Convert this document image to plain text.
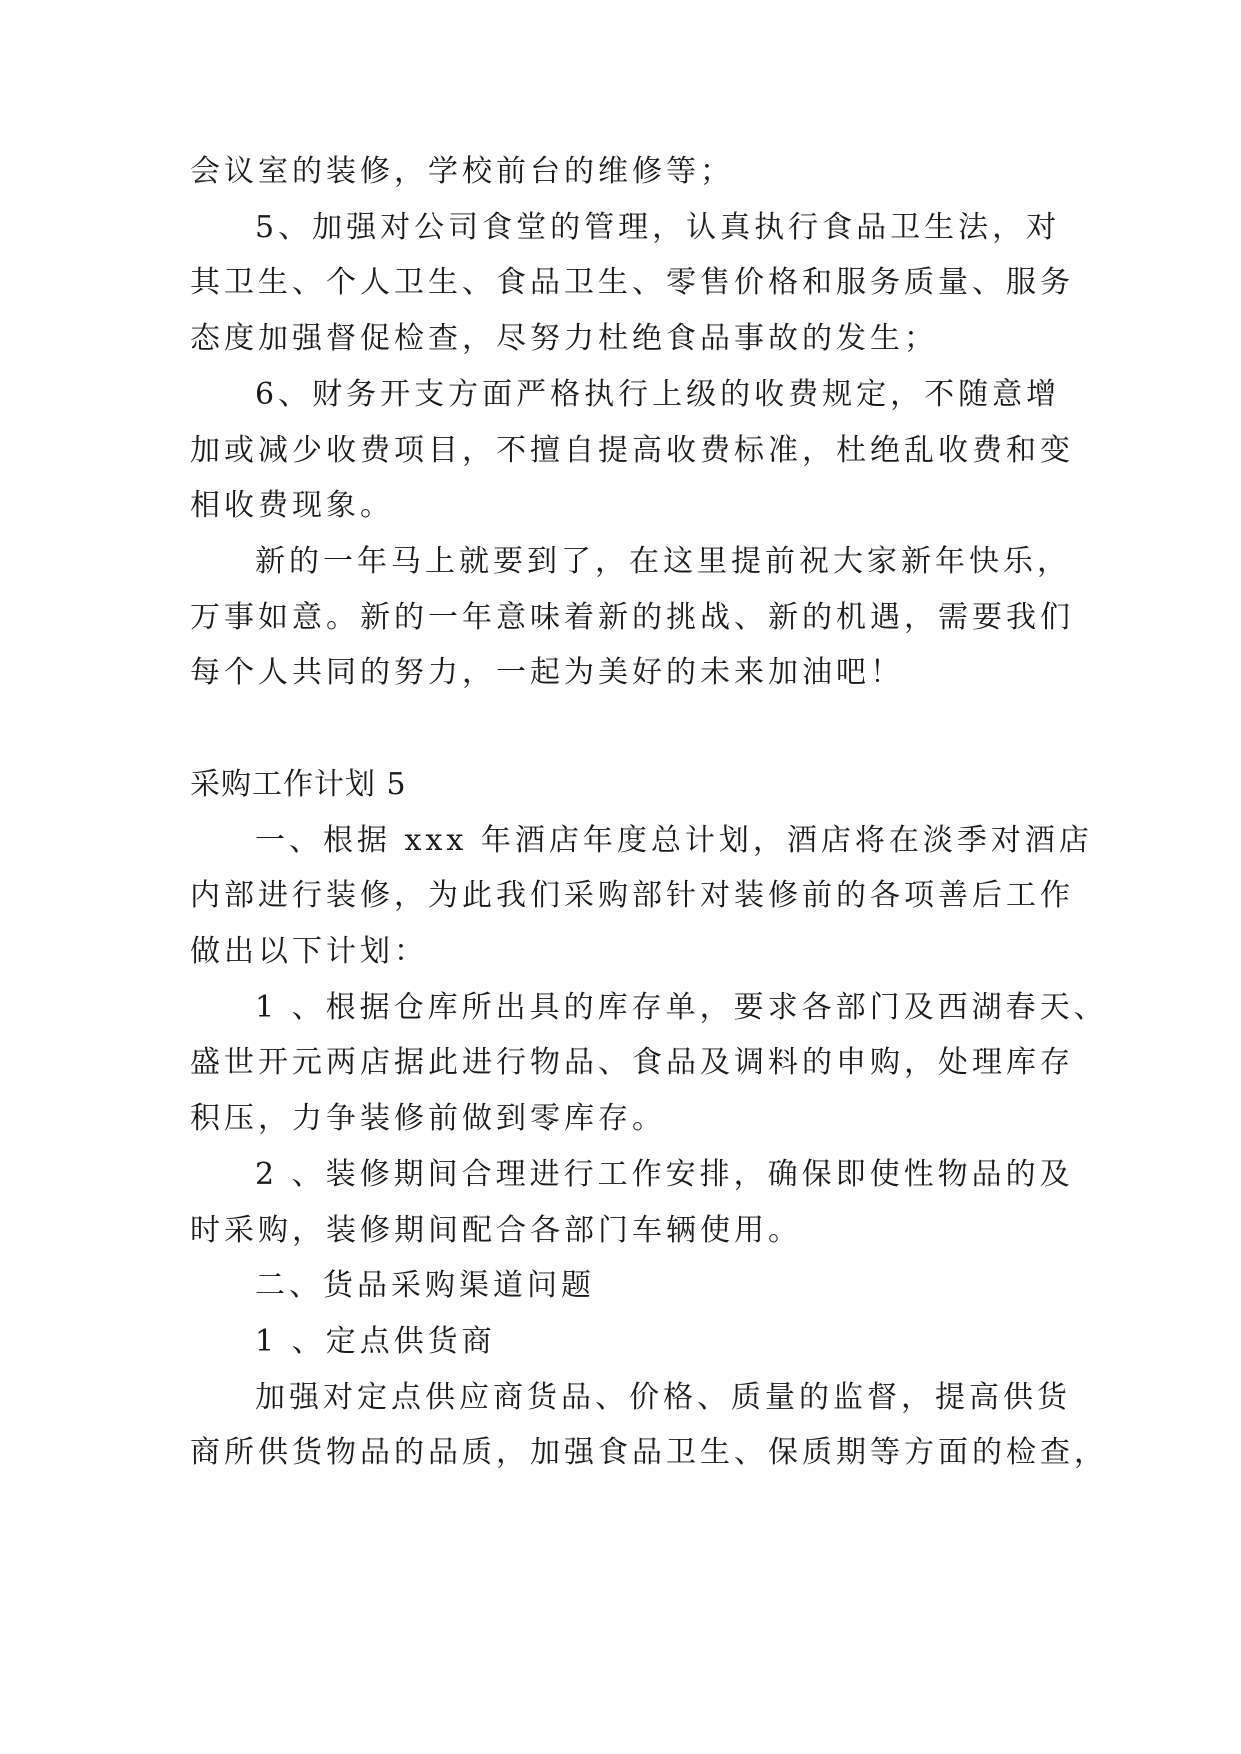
会议室的装修，学校前台的维修等；
5、加强对公司食堂的管理，认真执行食品卫生法，对
其卫生、个人卫生、食品卫生、零售价格和服务质量、服务
态度加强督促检查，尽努力杜绝食品事故的发生；
6、财务开支方面严格执行上级的收费规定，不随意增
加或减少收费项目，不擅自提高收费标准，杜绝乱收费和变
相收费现象。
新的一年马上就要到了，在这里提前祝大家新年快乐，
万事如意。新的一年意味着新的挑战、新的机遇，需要我们
每个人共同的努力，一起为美好的未来加油吧！
采购工作计划 5
一、根据 xxx 年酒店年度总计划，酒店将在淡季对酒店
内部进行装修，为此我们采购部针对装修前的各项善后工作
做出以下计划：
1 、根据仓库所出具的库存单，要求各部门及西湖春天、
盛世开元两店据此进行物品、食品及调料的申购，处理库存
积压，力争装修前做到零库存。
2 、装修期间合理进行工作安排，确保即使性物品的及
时采购，装修期间配合各部门车辆使用。
二、货品采购渠道问题
1 、定点供货商
加强对定点供应商货品、价格、质量的监督，提高供货
商所供货物品的品质，加强食品卫生、保质期等方面的检查，
